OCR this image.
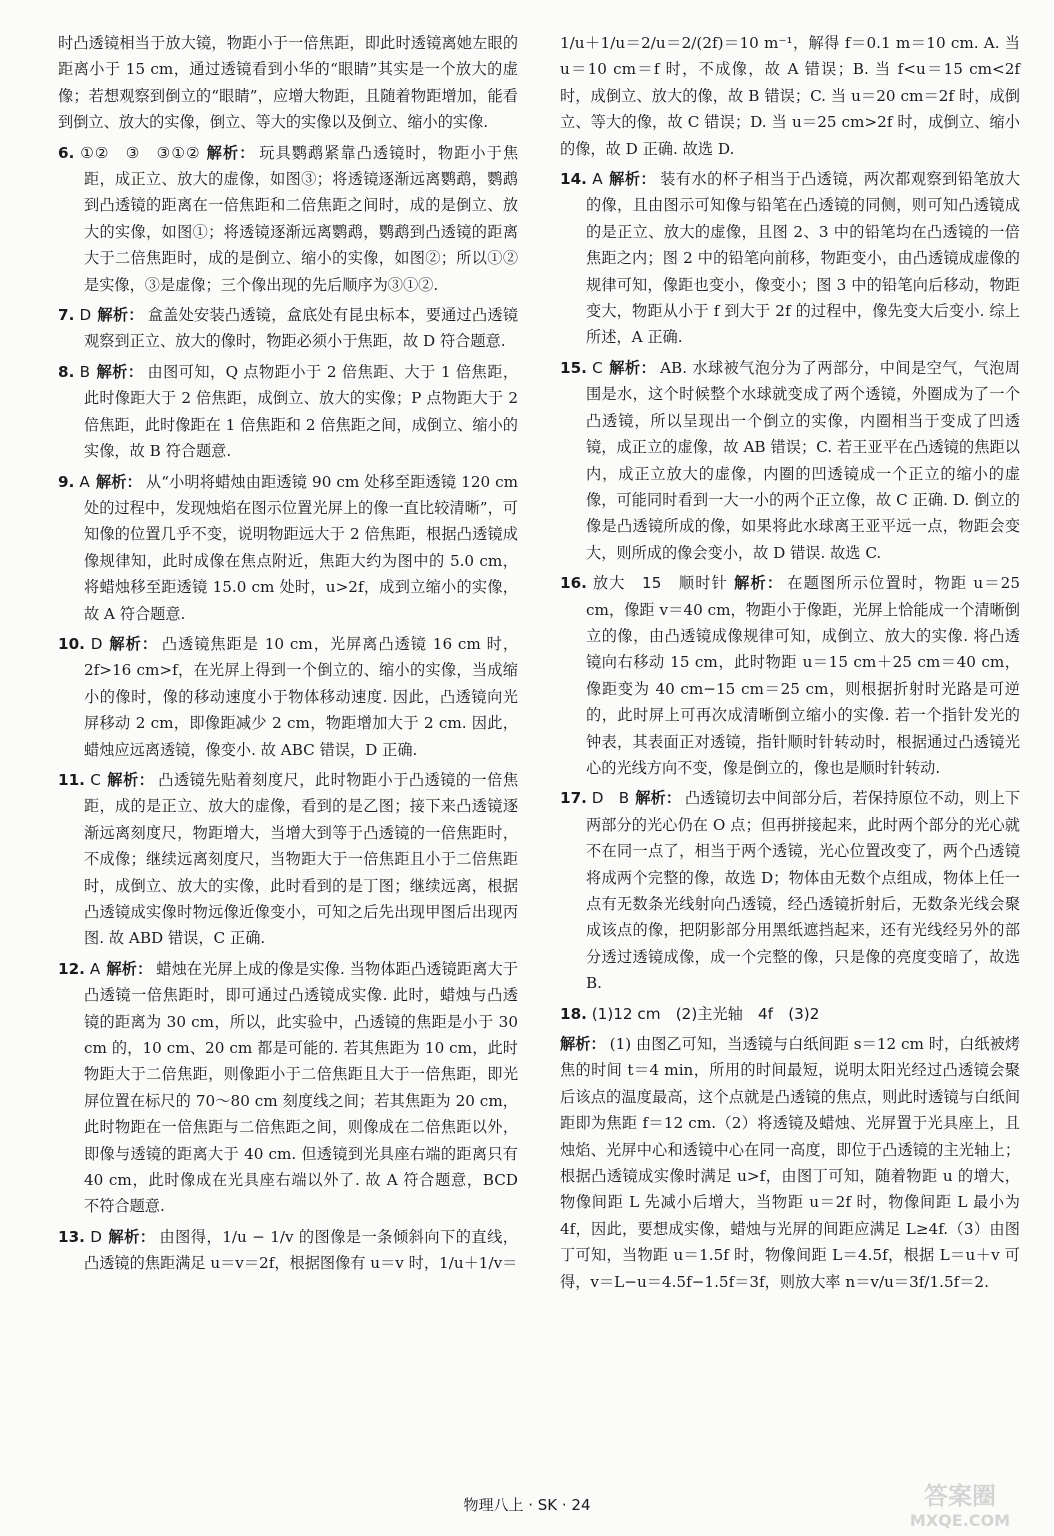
时凸透镜相当于放大镜，物距小于一倍焦距，即此时透镜离她左眼的距离小于 15 cm，通过透镜看到小华的“眼睛”其实是一个放大的虚像；若想观察到倒立的“眼睛”，应增大物距，且随着物距增加，能看到倒立、放大的实像，倒立、等大的实像以及倒立、缩小的实像.

6. ①②　③　③①② 解析： 玩具鹦鹉紧靠凸透镜时，物距小于焦距，成正立、放大的虚像，如图③；将透镜逐渐远离鹦鹉，鹦鹉到凸透镜的距离在一倍焦距和二倍焦距之间时，成的是倒立、放大的实像，如图①；将透镜逐渐远离鹦鹉，鹦鹉到凸透镜的距离大于二倍焦距时，成的是倒立、缩小的实像，如图②；所以①②是实像，③是虚像；三个像出现的先后顺序为③①②.

7. D 解析： 盒盖处安装凸透镜，盒底处有昆虫标本，要通过凸透镜观察到正立、放大的像时，物距必须小于焦距，故 D 符合题意.

8. B 解析： 由图可知，Q 点物距小于 2 倍焦距、大于 1 倍焦距，此时像距大于 2 倍焦距，成倒立、放大的实像；P 点物距大于 2 倍焦距，此时像距在 1 倍焦距和 2 倍焦距之间，成倒立、缩小的实像，故 B 符合题意.

9. A 解析： 从“小明将蜡烛由距透镜 90 cm 处移至距透镜 120 cm 处的过程中，发现烛焰在图示位置光屏上的像一直比较清晰”，可知像的位置几乎不变，说明物距远大于 2 倍焦距，根据凸透镜成像规律知，此时成像在焦点附近，焦距大约为图中的 5.0 cm，将蜡烛移至距透镜 15.0 cm 处时，u>2f，成到立缩小的实像，故 A 符合题意.

10. D 解析： 凸透镜焦距是 10 cm，光屏离凸透镜 16 cm 时，2f>16 cm>f，在光屏上得到一个倒立的、缩小的实像，当成缩小的像时，像的移动速度小于物体移动速度. 因此，凸透镜向光屏移动 2 cm，即像距减少 2 cm，物距增加大于 2 cm. 因此，蜡烛应远离透镜，像变小. 故 ABC 错误，D 正确.

11. C 解析： 凸透镜先贴着刻度尺，此时物距小于凸透镜的一倍焦距，成的是正立、放大的虚像，看到的是乙图；接下来凸透镜逐渐远离刻度尺，物距增大，当增大到等于凸透镜的一倍焦距时，不成像；继续远离刻度尺，当物距大于一倍焦距且小于二倍焦距时，成倒立、放大的实像，此时看到的是丁图；继续远离，根据凸透镜成实像时物远像近像变小，可知之后先出现甲图后出现丙图. 故 ABD 错误，C 正确.

12. A 解析： 蜡烛在光屏上成的像是实像. 当物体距凸透镜距离大于凸透镜一倍焦距时，即可通过凸透镜成实像. 此时，蜡烛与凸透镜的距离为 30 cm，所以，此实验中，凸透镜的焦距是小于 30 cm 的，10 cm、20 cm 都是可能的. 若其焦距为 10 cm，此时物距大于二倍焦距，则像距小于二倍焦距且大于一倍焦距，即光屏位置在标尺的 70～80 cm 刻度线之间；若其焦距为 20 cm，此时物距在一倍焦距与二倍焦距之间，则像成在二倍焦距以外，即像与透镜的距离大于 40 cm. 但透镜到光具座右端的距离只有 40 cm，此时像成在光具座右端以外了. 故 A 符合题意，BCD 不符合题意.

13. D 解析： 由图得，1/u − 1/v 的图像是一条倾斜向下的直线，凸透镜的焦距满足 u＝v＝2f，根据图像有 u＝v 时，1/u＋1/v＝

1/u＋1/u＝2/u＝2/(2f)＝10 m⁻¹，解得 f＝0.1 m＝10 cm. A. 当 u＝10 cm＝f 时，不成像，故 A 错误；B. 当 f<u＝15 cm<2f 时，成倒立、放大的像，故 B 错误；C. 当 u＝20 cm＝2f 时，成倒立、等大的像，故 C 错误；D. 当 u＝25 cm>2f 时，成倒立、缩小的像，故 D 正确. 故选 D.

14. A 解析： 装有水的杯子相当于凸透镜，两次都观察到铅笔放大的像，且由图示可知像与铅笔在凸透镜的同侧，则可知凸透镜成的是正立、放大的虚像，且图 2、3 中的铅笔均在凸透镜的一倍焦距之内；图 2 中的铅笔向前移，物距变小，由凸透镜成虚像的规律可知，像距也变小，像变小；图 3 中的铅笔向后移动，物距变大，物距从小于 f 到大于 2f 的过程中，像先变大后变小. 综上所述，A 正确.

15. C 解析： AB. 水球被气泡分为了两部分，中间是空气，气泡周围是水，这个时候整个水球就变成了两个透镜，外圈成为了一个凸透镜，所以呈现出一个倒立的实像，内圈相当于变成了凹透镜，成正立的虚像，故 AB 错误；C. 若王亚平在凸透镜的焦距以内，成正立放大的虚像，内圈的凹透镜成一个正立的缩小的虚像，可能同时看到一大一小的两个正立像，故 C 正确. D. 倒立的像是凸透镜所成的像，如果将此水球离王亚平远一点，物距会变大，则所成的像会变小，故 D 错误. 故选 C.

16. 放大　15　顺时针 解析： 在题图所示位置时，物距 u＝25 cm，像距 v＝40 cm，物距小于像距，光屏上恰能成一个清晰倒立的像，由凸透镜成像规律可知，成倒立、放大的实像. 将凸透镜向右移动 15 cm，此时物距 u＝15 cm＋25 cm＝40 cm，像距变为 40 cm−15 cm＝25 cm，则根据折射时光路是可逆的，此时屏上可再次成清晰倒立缩小的实像. 若一个指针发光的钟表，其表面正对透镜，指针顺时针转动时，根据通过凸透镜光心的光线方向不变，像是倒立的，像也是顺时针转动.

17. D　B 解析： 凸透镜切去中间部分后，若保持原位不动，则上下两部分的光心仍在 O 点；但再拼接起来，此时两个部分的光心就不在同一点了，相当于两个透镜，光心位置改变了，两个凸透镜将成两个完整的像，故选 D；物体由无数个点组成，物体上任一点有无数条光线射向凸透镜，经凸透镜折射后，无数条光线会聚成该点的像，把阴影部分用黑纸遮挡起来，还有光线经另外的部分透过透镜成像，成一个完整的像，只是像的亮度变暗了，故选 B.

18. (1)12 cm　(2)主光轴　4f　(3)2

解析： (1) 由图乙可知，当透镜与白纸间距 s＝12 cm 时，白纸被烤焦的时间 t＝4 min，所用的时间最短，说明太阳光经过凸透镜会聚后该点的温度最高，这个点就是凸透镜的焦点，则此时透镜与白纸间距即为焦距 f＝12 cm.（2）将透镜及蜡烛、光屏置于光具座上，且烛焰、光屏中心和透镜中心在同一高度，即位于凸透镜的主光轴上；根据凸透镜成实像时满足 u>f，由图丁可知，随着物距 u 的增大，物像间距 L 先减小后增大，当物距 u＝2f 时，物像间距 L 最小为 4f，因此，要想成实像，蜡烛与光屏的间距应满足 L≥4f.（3）由图丁可知，当物距 u＝1.5f 时，物像间距 L＝4.5f，根据 L＝u＋v 可得，v＝L−u＝4.5f−1.5f＝3f，则放大率 n＝v/u＝3f/1.5f＝2.

物理八上 · SK · 24	答案圈
MXQE.COM
